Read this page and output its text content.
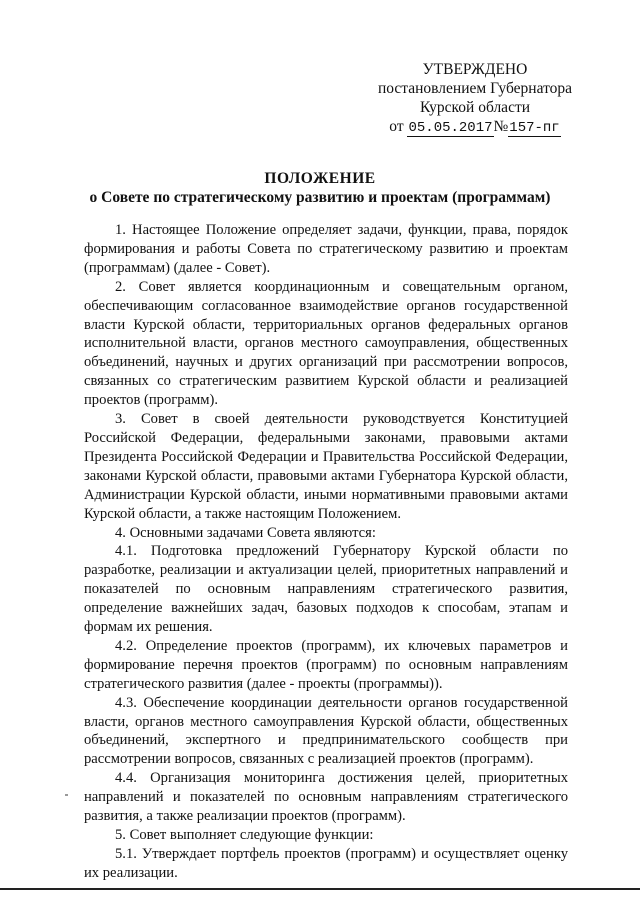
УТВЕРЖДЕНО
постановлением Губернатора
Курской области
от 05.05.2017№157-пг
ПОЛОЖЕНИЕ
о Совете по стратегическому развитию и проектам (программам)

1. Настоящее Положение определяет задачи, функции, права, порядок формирования и работы Совета по стратегическому развитию и проектам (программам) (далее - Совет).

2. Совет является координационным и совещательным органом, обеспечивающим согласованное взаимодействие органов государственной власти Курской области, территориальных органов федеральных органов исполнительной власти, органов местного самоуправления, общественных объединений, научных и других организаций при рассмотрении вопросов, связанных со стратегическим развитием Курской области и реализацией проектов (программ).

3. Совет в своей деятельности руководствуется Конституцией Российской Федерации, федеральными законами, правовыми актами Президента Российской Федерации и Правительства Российской Федерации, законами Курской области, правовыми актами Губернатора Курской области, Администрации Курской области, иными нормативными правовыми актами Курской области, а также настоящим Положением.

4. Основными задачами Совета являются:

4.1. Подготовка предложений Губернатору Курской области по разработке, реализации и актуализации целей, приоритетных направлений и показателей по основным направлениям стратегического развития, определение важнейших задач, базовых подходов к способам, этапам и формам их решения.

4.2. Определение проектов (программ), их ключевых параметров и формирование перечня проектов (программ) по основным направлениям стратегического развития (далее - проекты (программы)).

4.3. Обеспечение координации деятельности органов государственной власти, органов местного самоуправления Курской области, общественных объединений, экспертного и предпринимательского сообществ при рассмотрении вопросов, связанных с реализацией проектов (программ).

4.4. Организация мониторинга достижения целей, приоритетных направлений и показателей по основным направлениям стратегического развития, а также реализации проектов (программ).

5. Совет выполняет следующие функции:

5.1. Утверждает портфель проектов (программ) и осуществляет оценку их реализации.
